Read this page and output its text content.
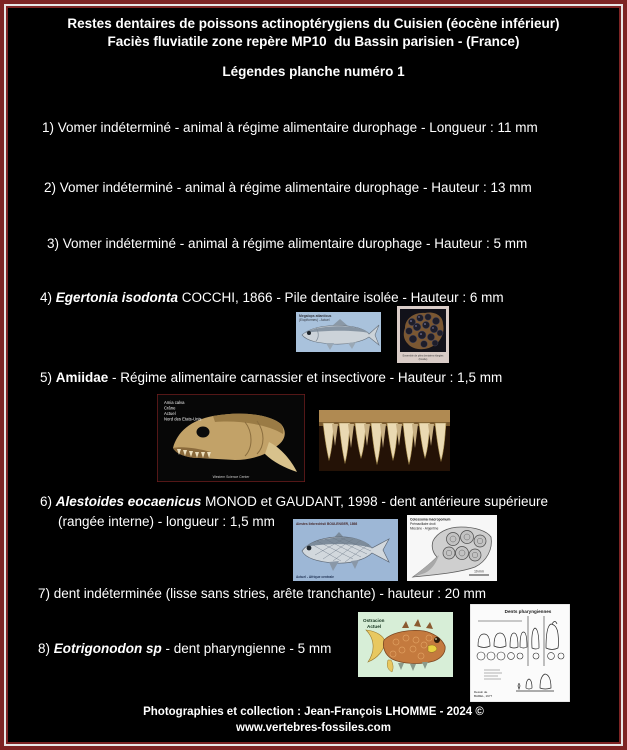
Restes dentaires de poissons actinoptérygiens du Cuisien (éocène inférieur)
Faciès fluviatile zone repère MP10  du Bassin parisien - (France)
Légendes planche numéro 1
1) Vomer indéterminé - animal à régime alimentaire durophage - Longueur : 11 mm
2) Vomer indéterminé - animal à régime alimentaire durophage - Hauteur : 13 mm
3) Vomer indéterminé - animal à régime alimentaire durophage - Hauteur : 5 mm
4) Egertonia isodonta COCCHI, 1866 - Pile dentaire isolée - Hauteur : 6 mm
5) Amiidae - Régime alimentaire carnassier et insectivore - Hauteur : 1,5 mm
6) Alestoides eocaenicus MONOD et GAUDANT, 1998 - dent antérieure supérieure
(rangée interne) - longueur : 1,5 mm
7) dent indéterminée (lisse sans stries, arête tranchante) - hauteur : 20 mm
8) Eotrigonodon sp - dent pharyngienne - 5 mm
Megalops atlanticus
(Elopiformes) - Actuel
Ensemble de piles dentaires élargies
(fossile)
Amia calva
Crâne
Actuel
Nord des Etats-Unis
Western Science Center
Alestes liebrechtsii BOULENGER, 1898
Actuel - Afrique centrale
Colossoma macropomum
Prémaxillaire droit
Miocène - Argentine
10 mm
Ostracion
Actuel
Dents pharyngiennes
Dessin de
BAREL, 1977
Photographies et collection : Jean-François LHOMME - 2024 ©
www.vertebres-fossiles.com
